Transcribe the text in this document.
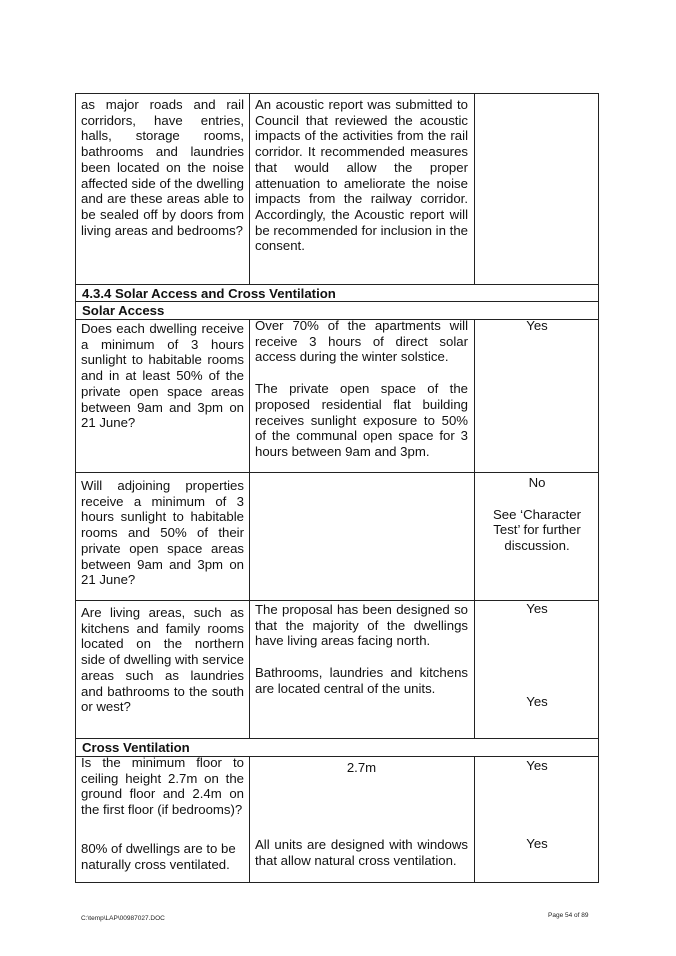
as major roads and rail corridors, have entries, halls, storage rooms, bathrooms and laundries been located on the noise affected side of the dwelling and are these areas able to be sealed off by doors from living areas and bedrooms?
An acoustic report was submitted to Council that reviewed the acoustic impacts of the activities from the rail corridor. It recommended measures that would allow the proper attenuation to ameliorate the noise impacts from the railway corridor. Accordingly, the Acoustic report will be recommended for inclusion in the consent.
4.3.4 Solar Access and Cross Ventilation
Solar Access
Does each dwelling receive a minimum of 3 hours sunlight to habitable rooms and in at least 50% of the private open space areas between 9am and 3pm on 21 June?

Over 70% of the apartments will receive 3 hours of direct solar access during the winter solstice.

The private open space of the proposed residential flat building receives sunlight exposure to 50% of the communal open space for 3 hours between 9am and 3pm.

Yes
Will adjoining properties receive a minimum of 3 hours sunlight to habitable rooms and 50% of their private open space areas between 9am and 3pm on 21 June?

No

See ‘Character Test’ for further discussion.

Are living areas, such as kitchens and family rooms located on the northern side of dwelling with service areas such as laundries and bathrooms to the south or west?

The proposal has been designed so that the majority of the dwellings have living areas facing north.

Bathrooms, laundries and kitchens are located central of the units.

Yes
Yes
Cross Ventilation
Is the minimum floor to ceiling height 2.7m on the ground floor and 2.4m on the first floor (if bedrooms)?
2.7m	Yes
80% of dwellings are to be naturally cross ventilated.
All units are designed with windows that allow natural cross ventilation.
Yes
C:\temp\LAP\00987027.DOC	Page 54 of 89
